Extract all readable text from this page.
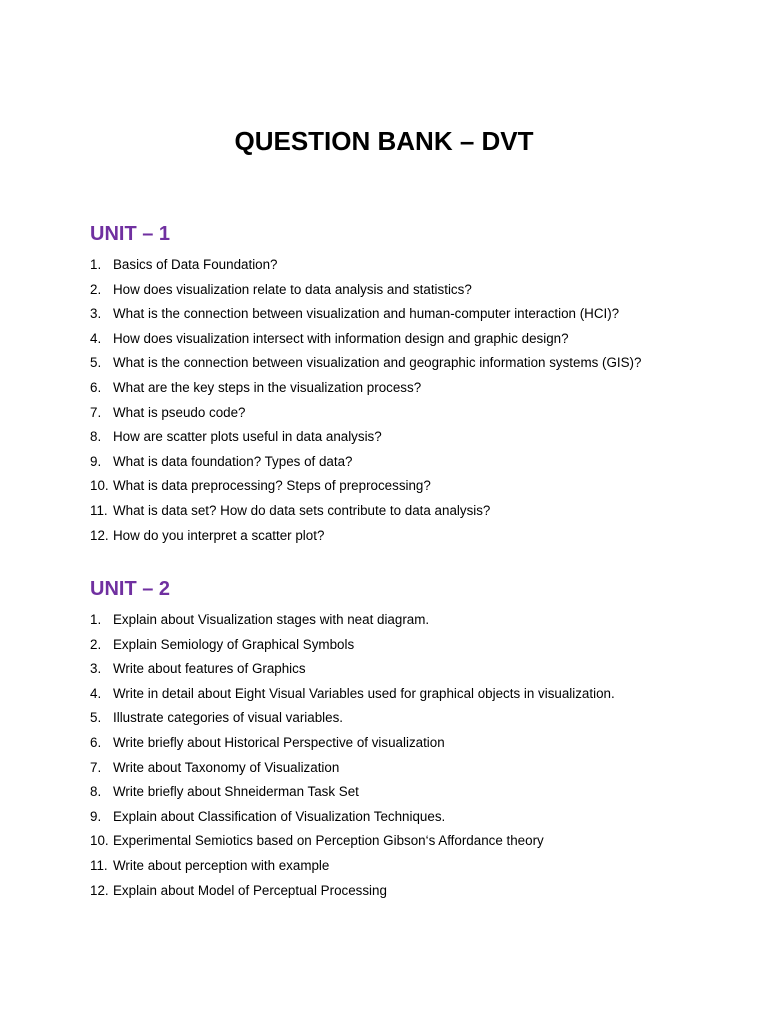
QUESTION BANK – DVT
UNIT – 1
1. Basics of Data Foundation?
2. How does visualization relate to data analysis and statistics?
3. What is the connection between visualization and human-computer interaction (HCI)?
4. How does visualization intersect with information design and graphic design?
5. What is the connection between visualization and geographic information systems (GIS)?
6. What are the key steps in the visualization process?
7. What is pseudo code?
8. How are scatter plots useful in data analysis?
9. What is data foundation? Types of data?
10. What is data preprocessing? Steps of preprocessing?
11. What is data set? How do data sets contribute to data analysis?
12. How do you interpret a scatter plot?
UNIT – 2
1. Explain about Visualization stages with neat diagram.
2. Explain Semiology of Graphical Symbols
3. Write about features of Graphics
4. Write in detail about Eight Visual Variables used for graphical objects in visualization.
5. Illustrate categories of visual variables.
6. Write briefly about Historical Perspective of visualization
7. Write about Taxonomy of Visualization
8. Write briefly about Shneiderman Task Set
9. Explain about Classification of Visualization Techniques.
10. Experimental Semiotics based on Perception Gibson‘s Affordance theory
11. Write about perception with example
12. Explain about Model of Perceptual Processing
